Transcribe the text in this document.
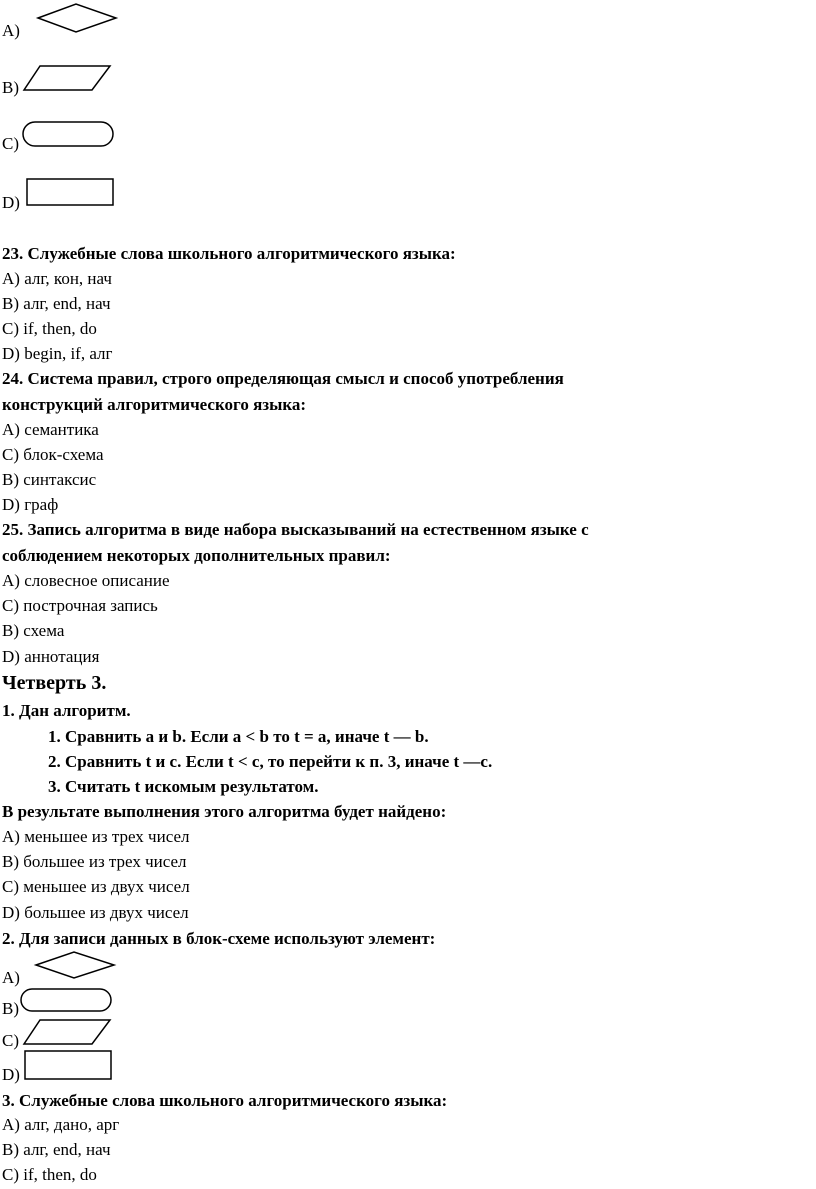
A)
B)
C)
D)
23. Служебные слова школьного алгоритмического языка:
A) алг, кон, нач
B) алг, end, нач
C) if, then, do
D) begin, if, алг
24. Система правил, строго определяющая смысл и способ употребления
конструкций алгоритмического языка:
A) семантика
C) блок-схема
B) синтаксис
D) граф
25. Запись алгоритма в виде набора высказываний на естественном языке с
соблюдением некоторых дополнительных правил:
A) словесное описание
C) построчная запись
B) схема
D) аннотация
Четверть 3.
1. Дан алгоритм.
1. Сравнить a и b. Если a < b то t = a, иначе t — b.
2. Сравнить t и c. Если t < c, то перейти к п. 3, иначе t —c.
3. Считать t искомым результатом.
В результате выполнения этого алгоритма будет найдено:
A) меньшее из трех чисел
B) большее из трех чисел
C) меньшее из двух чисел
D) большее из двух чисел
2. Для записи данных в блок-схеме используют элемент:
A)
B)
C)
D)
3. Служебные слова школьного алгоритмического языка:
A) алг, дано, арг
B) алг, end, нач
C) if, then, do
